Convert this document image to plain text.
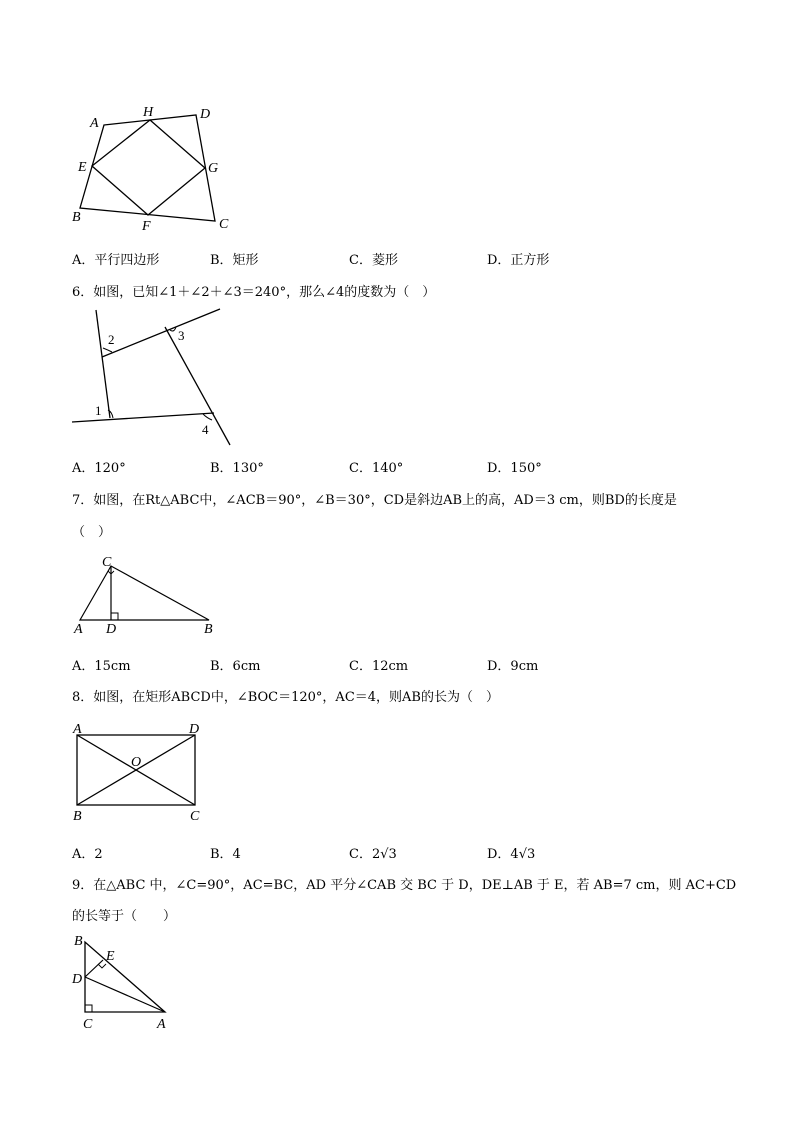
A
H	D
E	G
B
F	C
A．平行四边形	B．矩形	C．菱形	D．正方形
6．如图，已知∠1＋∠2＋∠3＝240°，那么∠4的度数为（　）
2	3
1
4
A．120°	B．130°	C．140°	D．150°
7．如图，在Rt△ABC中，∠ACB＝90°，∠B＝30°，CD是斜边AB上的高，AD＝3 cm，则BD的长度是
（　）
C
A D	B
A．15cm	B．6cm	C．12cm	D．9cm
8．如图，在矩形ABCD中，∠BOC＝120°，AC＝4，则AB的长为（　）
A	D
O
B	C
A．2	B．4	C．2√3	D．4√3
9．在△ABC 中，∠C=90°，AC=BC，AD 平分∠CAB 交 BC 于 D，DE⊥AB 于 E，若 AB=7 cm，则 AC+CD
的长等于（　　）
B
E
D
C	A
